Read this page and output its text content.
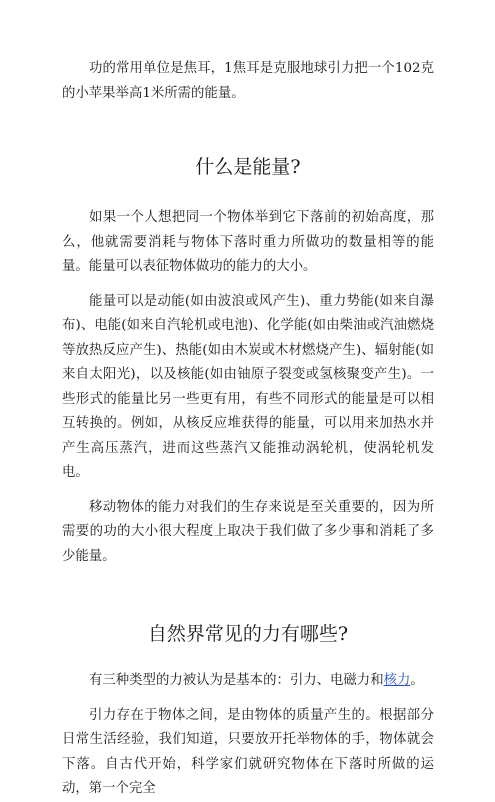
功的常用单位是焦耳，1焦耳是克服地球引力把一个102克的小苹果举高1米所需的能量。

什么是能量?

如果一个人想把同一个物体举到它下落前的初始高度，那么，他就需要消耗与物体下落时重力所做功的数量相等的能量。能量可以表征物体做功的能力的大小。

能量可以是动能(如由波浪或风产生)、重力势能(如来自瀑布)、电能(如来自汽轮机或电池)、化学能(如由柴油或汽油燃烧等放热反应产生)、热能(如由木炭或木材燃烧产生)、辐射能(如来自太阳光)，以及核能(如由铀原子裂变或氢核聚变产生)。一些形式的能量比另一些更有用，有些不同形式的能量是可以相互转换的。例如，从核反应堆获得的能量，可以用来加热水并产生高压蒸汽，进而这些蒸汽又能推动涡轮机，使涡轮机发电。

移动物体的能力对我们的生存来说是至关重要的，因为所需要的功的大小很大程度上取决于我们做了多少事和消耗了多少能量。

自然界常见的力有哪些?

有三种类型的力被认为是基本的：引力、电磁力和核力。

引力存在于物体之间，是由物体的质量产生的。根据部分日常生活经验，我们知道，只要放开托举物体的手，物体就会下落。自古代开始，科学家们就研究物体在下落时所做的运动，第一个完全
